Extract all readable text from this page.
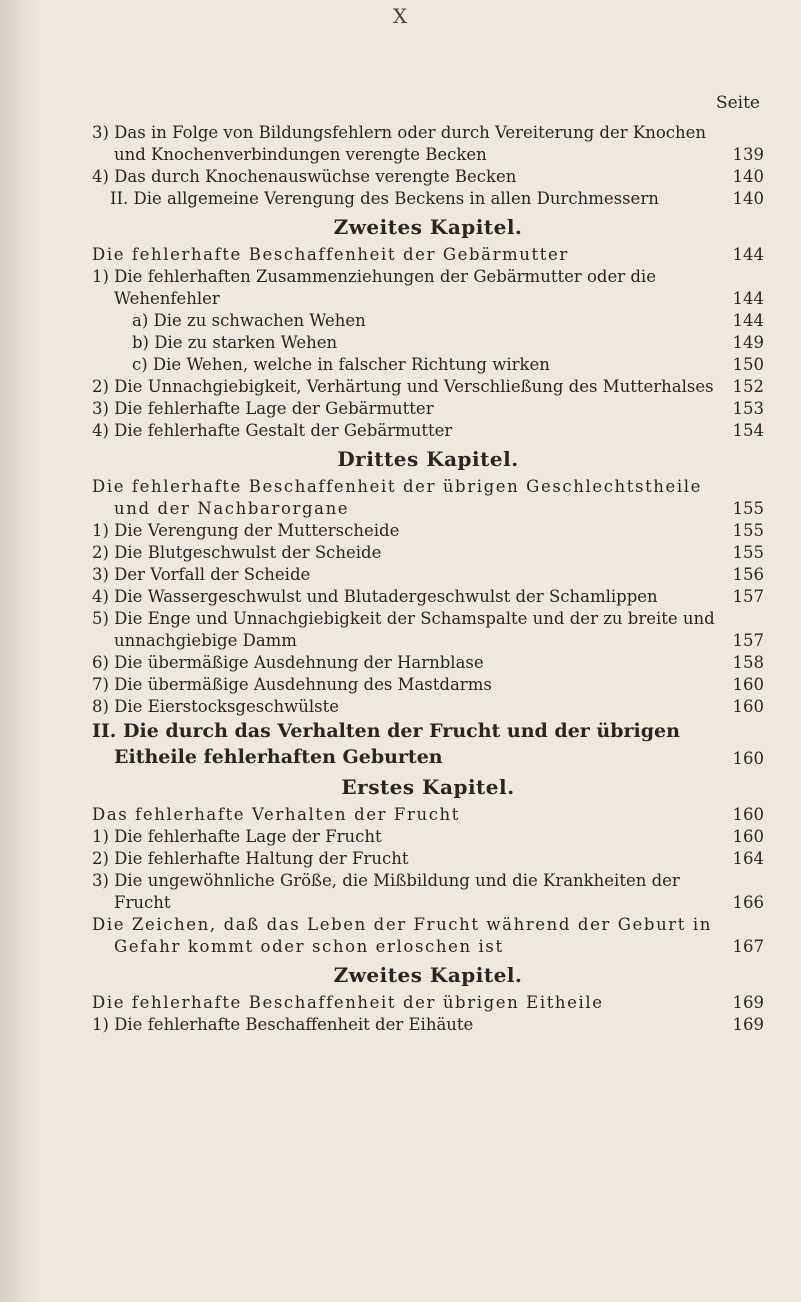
X
Seite
3) Das in Folge von Bildungsfehlern oder durch Vereiterung der Knochen und Knochenverbindungen verengte Becken	139
4) Das durch Knochenauswüchse verengte Becken	140
II. Die allgemeine Verengung des Beckens in allen Durchmessern	140
Zweites Kapitel.
Die fehlerhafte Beschaffenheit der Gebärmutter	144
1) Die fehlerhaften Zusammenziehungen der Gebärmutter oder die Wehenfehler	144
a) Die zu schwachen Wehen	144
b) Die zu starken Wehen	149
c) Die Wehen, welche in falscher Richtung wirken	150
2) Die Unnachgiebigkeit, Verhärtung und Verschließung des Mutterhalses	152
3) Die fehlerhafte Lage der Gebärmutter	153
4) Die fehlerhafte Gestalt der Gebärmutter	154
Drittes Kapitel.
Die fehlerhafte Beschaffenheit der übrigen Geschlechtstheile und der Nachbarorgane	155
1) Die Verengung der Mutterscheide	155
2) Die Blutgeschwulst der Scheide	155
3) Der Vorfall der Scheide	156
4) Die Wassergeschwulst und Blutadergeschwulst der Schamlippen	157
5) Die Enge und Unnachgiebigkeit der Schamspalte und der zu breite und unnachgiebige Damm	157
6) Die übermäßige Ausdehnung der Harnblase	158
7) Die übermäßige Ausdehnung des Mastdarms	160
8) Die Eierstocksgeschwülste	160
II. Die durch das Verhalten der Frucht und der übrigen Eitheile fehlerhaften Geburten	160
Erstes Kapitel.
Das fehlerhafte Verhalten der Frucht	160
1) Die fehlerhafte Lage der Frucht	160
2) Die fehlerhafte Haltung der Frucht	164
3) Die ungewöhnliche Größe, die Mißbildung und die Krankheiten der Frucht	166
Die Zeichen, daß das Leben der Frucht während der Geburt in Gefahr kommt oder schon erloschen ist	167
Zweites Kapitel.
Die fehlerhafte Beschaffenheit der übrigen Eitheile	169
1) Die fehlerhafte Beschaffenheit der Eihäute	169
